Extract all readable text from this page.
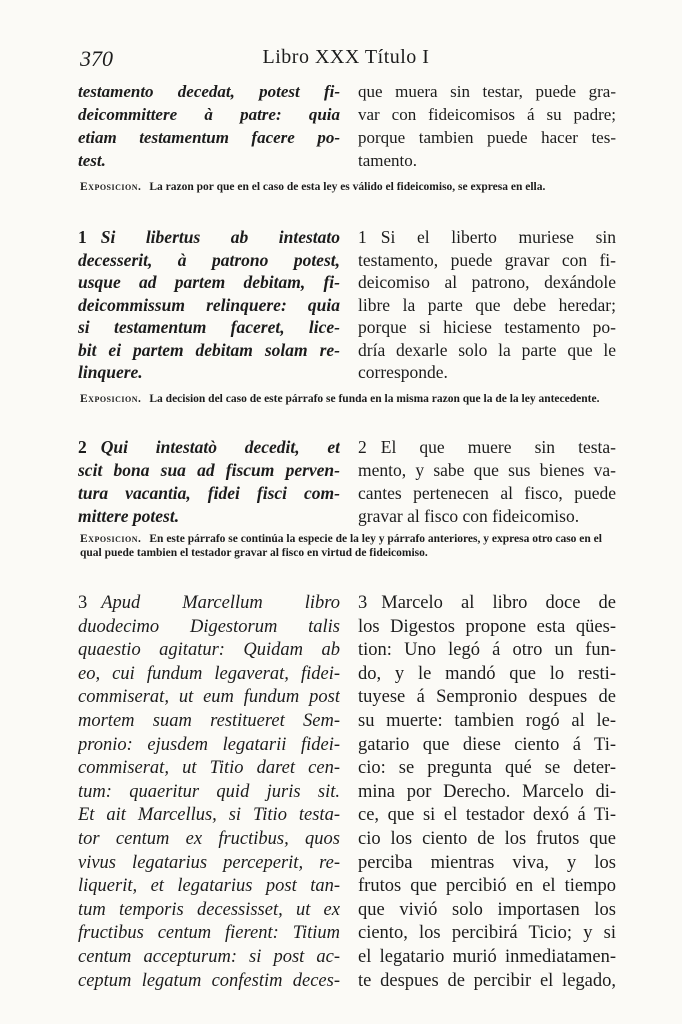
370	Libro XXX Título I
testamento decedat, potest fi-
deicommittere à patre: quia
etiam testamentum facere po-
test.
que muera sin testar, puede gra-
var con fideicomisos á su padre;
porque tambien puede hacer tes-
tamento.
Exposicion. La razon por que en el caso de esta ley es válido el fideicomiso, se expresa en ella.
1 Si libertus ab intestato
decesserit, à patrono potest,
usque ad partem debitam, fi-
deicommissum relinquere: quia
si testamentum faceret, lice-
bit ei partem debitam solam re-
linquere.
1 Si el liberto muriese sin
testamento, puede gravar con fi-
deicomiso al patrono, dexándole
libre la parte que debe heredar;
porque si hiciese testamento po-
dría dexarle solo la parte que le
corresponde.
Exposicion. La decision del caso de este párrafo se funda en la misma razon que la de la ley antecedente.
2 Qui intestatò decedit, et
scit bona sua ad fiscum perven-
tura vacantia, fidei fisci com-
mittere potest.
2 El que muere sin testa-
mento, y sabe que sus bienes va-
cantes pertenecen al fisco, puede
gravar al fisco con fideicomiso.
Exposicion. En este párrafo se continúa la especie de la ley y párrafo anteriores, y expresa otro caso en el qual puede tambien el testador gravar al fisco en virtud de fideicomiso.
3 Apud Marcellum libro
duodecimo Digestorum talis
quaestio agitatur: Quidam ab
eo, cui fundum legaverat, fidei-
commiserat, ut eum fundum post
mortem suam restitueret Sem-
pronio: ejusdem legatarii fidei-
commiserat, ut Titio daret cen-
tum: quaeritur quid juris sit.
Et ait Marcellus, si Titio testa-
tor centum ex fructibus, quos
vivus legatarius perceperit, re-
liquerit, et legatarius post tan-
tum temporis decessisset, ut ex
fructibus centum fierent: Titium
centum accepturum: si post ac-
ceptum legatum confestim deces-
3 Marcelo al libro doce de
los Digestos propone esta qües-
tion: Uno legó á otro un fun-
do, y le mandó que lo resti-
tuyese á Sempronio despues de
su muerte: tambien rogó al le-
gatario que diese ciento á Ti-
cio: se pregunta qué se deter-
mina por Derecho. Marcelo di-
ce, que si el testador dexó á Ti-
cio los ciento de los frutos que
perciba mientras viva, y los
frutos que percibió en el tiempo
que vivió solo importasen los
ciento, los percibirá Ticio; y si
el legatario murió inmediatamen-
te despues de percibir el legado,
